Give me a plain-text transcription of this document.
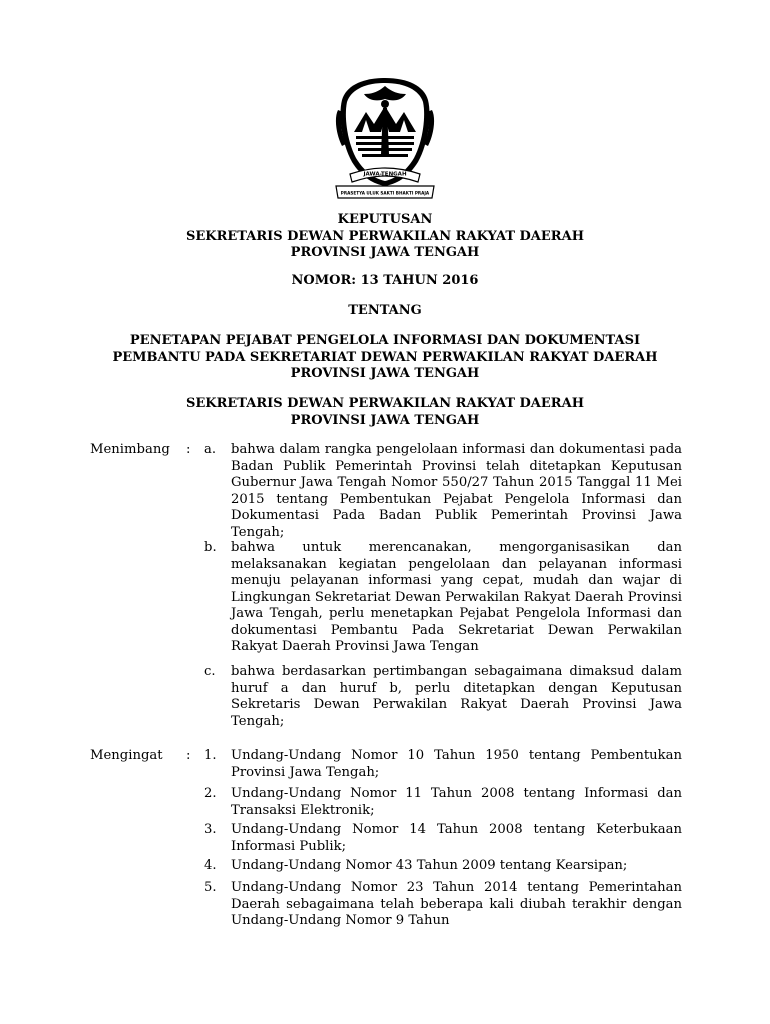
JAWA-TENGAH
PRASETYA ULUK SAKTI BHAKTI PRAJA
KEPUTUSAN
SEKRETARIS DEWAN PERWAKILAN RAKYAT DAERAH
PROVINSI JAWA TENGAH
NOMOR: 13 TAHUN 2016
TENTANG
PENETAPAN PEJABAT PENGELOLA INFORMASI DAN DOKUMENTASI
PEMBANTU PADA SEKRETARIAT DEWAN PERWAKILAN RAKYAT DAERAH
PROVINSI JAWA TENGAH
SEKRETARIS DEWAN PERWAKILAN RAKYAT DAERAH
PROVINSI JAWA TENGAH
Menimbang : a.	bahwa dalam rangka pengelolaan informasi dan dokumentasi pada Badan Publik Pemerintah Provinsi telah ditetapkan Keputusan Gubernur Jawa Tengah Nomor 550/27 Tahun 2015 Tanggal 11 Mei 2015 tentang Pembentukan Pejabat Pengelola Informasi dan Dokumentasi Pada Badan Publik Pemerintah Provinsi Jawa Tengah;
b.	bahwa untuk merencanakan, mengorganisasikan dan melaksanakan kegiatan pengelolaan dan pelayanan informasi menuju pelayanan informasi yang cepat, mudah dan wajar di Lingkungan Sekretariat Dewan Perwakilan Rakyat Daerah Provinsi Jawa Tengah, perlu menetapkan Pejabat Pengelola Informasi dan dokumentasi Pembantu Pada Sekretariat Dewan Perwakilan Rakyat Daerah Provinsi Jawa Tengan
c.	bahwa berdasarkan pertimbangan sebagaimana dimaksud dalam huruf a dan huruf b, perlu ditetapkan dengan Keputusan Sekretaris Dewan Perwakilan Rakyat Daerah Provinsi Jawa Tengah;
Mengingat : 1.	Undang-Undang Nomor 10 Tahun 1950 tentang Pembentukan Provinsi Jawa Tengah;
2.	Undang-Undang Nomor 11 Tahun 2008 tentang Informasi dan Transaksi Elektronik;
3.	Undang-Undang Nomor 14 Tahun 2008 tentang Keterbukaan Informasi Publik;
4.	Undang-Undang Nomor 43 Tahun 2009 tentang Kearsipan;
5.	Undang-Undang Nomor 23 Tahun 2014 tentang Pemerintahan Daerah sebagaimana telah beberapa kali diubah terakhir dengan Undang-Undang Nomor 9 Tahun
